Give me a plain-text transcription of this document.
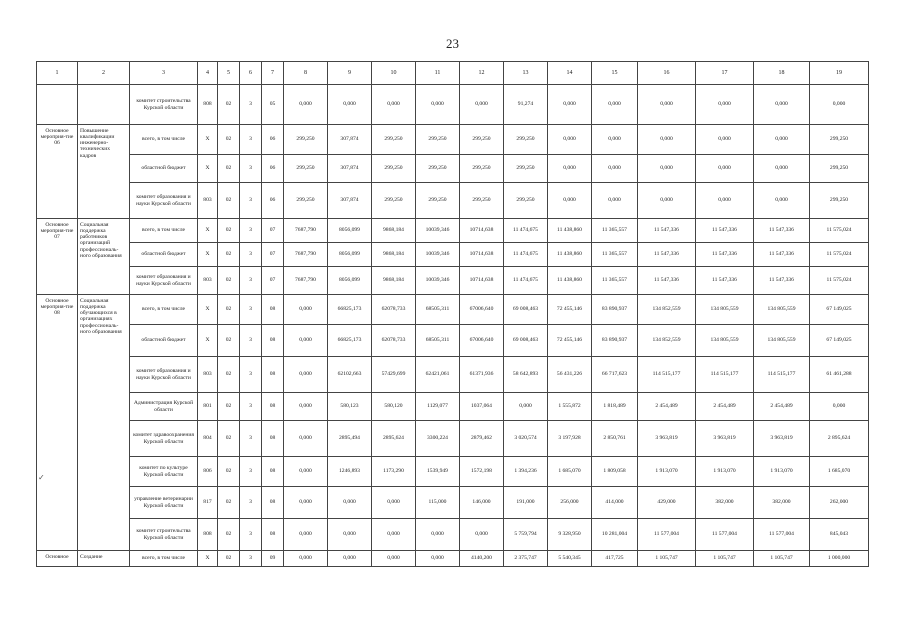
23
1	2	3	4	5	6	7	8	9	10	11	12	13	14	15	16	17	18	19
		комитет строительства Курской области	808	02	3	05	0,000	0,000	0,000	0,000	0,000	91,274	0,000	0,000	0,000	0,000	0,000	0,000
Основное мероприя-тие 06	Повышение квалификации инженерно-технических кадров	всего, в том числе	Х	02	3	06	299,250	307,874	299,250	299,250	299,250	299,250	0,000	0,000	0,000	0,000	0,000	299,250
		областной бюджет	Х	02	3	06	299,250	307,874	299,250	299,250	299,250	299,250	0,000	0,000	0,000	0,000	0,000	299,250
		комитет образования и науки Курской области	803	02	3	06	299,250	307,874	299,250	299,250	299,250	299,250	0,000	0,000	0,000	0,000	0,000	299,250
Основное мероприя-тие 07	Социальная поддержка работников организаций профессиональ-ного образования	всего, в том числе	Х	02	3	07	7687,790	8056,099	9868,184	10039,346	10714,638	11 474,675	11 438,860	11 365,557	11 547,336	11 547,336	11 547,336	11 575,024
		областной бюджет	Х	02	3	07	7687,790	8056,099	9868,184	10039,346	10714,638	11 474,675	11 438,860	11 365,557	11 547,336	11 547,336	11 547,336	11 575,024
		комитет образования и науки Курской области	803	02	3	07	7687,790	8056,099	9868,184	10039,346	10714,638	11 474,675	11 438,860	11 365,557	11 547,336	11 547,336	11 547,336	11 575,024
Основное мероприя-тие 08	Социальная поддержка обучающихся в организациях профессиональ-ного образования	всего, в том числе	Х	02	3	08	0,000	66825,173	62078,733	68505,311	67006,640	69 008,463	72 455,146	83 890,937	134 852,559	134 805,559	134 805,559	67 149,025
		областной бюджет	Х	02	3	08	0,000	66825,173	62078,733	68505,311	67006,640	69 008,463	72 455,146	83 890,937	134 852,559	134 805,559	134 805,559	67 149,025
		комитет образования и науки Курской области	803	02	3	08	0,000	62102,663	57429,699	62421,061	61371,936	58 642,893	56 431,226	66 717,623	114 515,177	114 515,177	114 515,177	61 461,288
		Администрация Курской области	801	02	3	08	0,000	580,123	580,120	1129,077	1037,064	0,000	1 555,872	1 818,489	2 454,489	2 454,489	2 454,489	0,000
		комитет здравоохранения Курской области	804	02	3	08	0,000	2895,494	2895,624	3300,224	2879,462	3 020,574	3 197,928	2 850,761	3 963,819	3 963,819	3 963,819	2 895,624
		комитет по культуре Курской области	806	02	3	08	0,000	1246,893	1173,290	1539,949	1572,198	1 394,236	1 685,070	1 809,058	1 913,070	1 913,070	1 913,070	1 685,070
		управление ветеринарии Курской области	817	02	3	08	0,000	0,000	0,000	115,000	146,000	191,000	256,000	414,000	429,000	382,000	382,000	262,000
		комитет строительства Курской области	808	02	3	08	0,000	0,000	0,000	0,000	0,000	5 759,794	9 328,950	10 281,004	11 577,004	11 577,004	11 577,004	845,043
Основное	Создание	всего, в том числе	Х	02	3	09	0,000	0,000	0,000	0,000	4140,200	2 375,747	5 540,345	417,725	1 105,747	1 105,747	1 105,747	1 000,000
✓
